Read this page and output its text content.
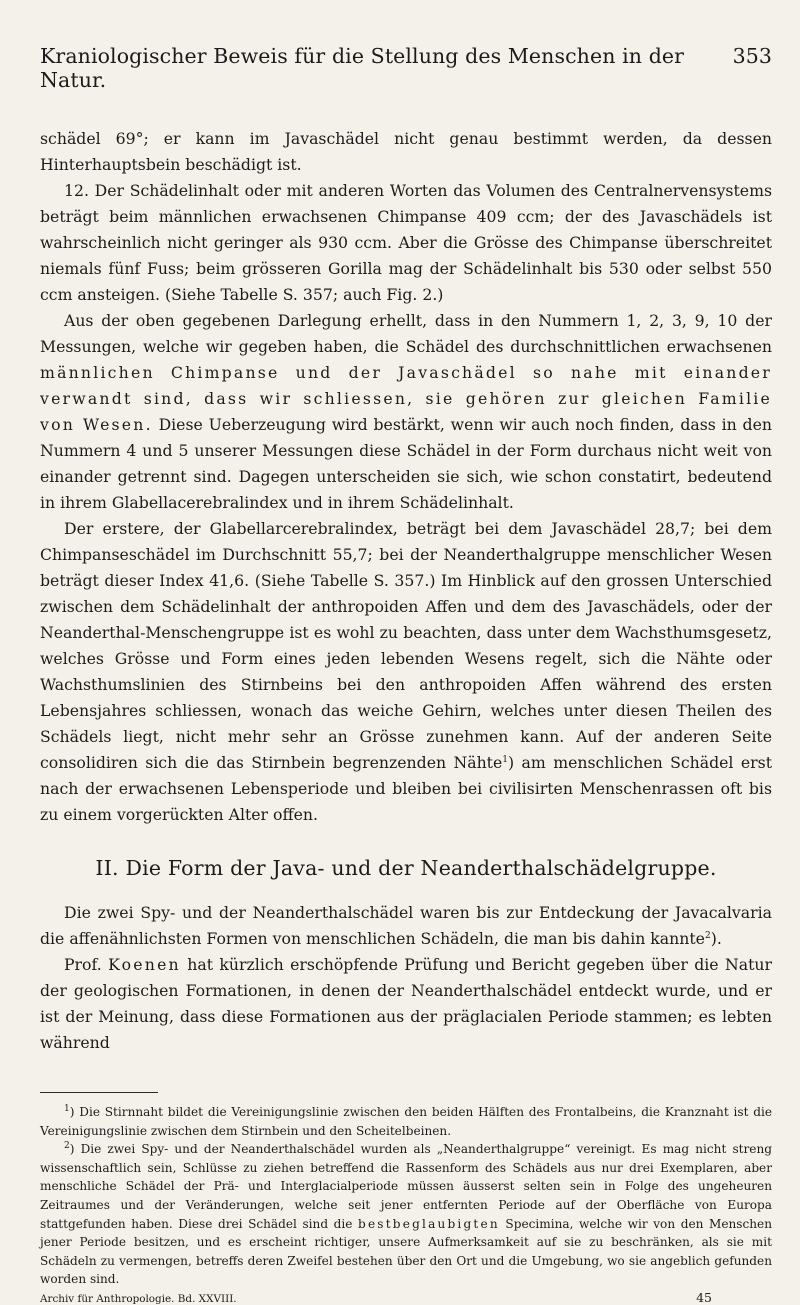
Kraniologischer Beweis für die Stellung des Menschen in der Natur.
353

schädel 69°; er kann im Javaschädel nicht genau bestimmt werden, da dessen Hinterhauptsbein beschädigt ist.

12. Der Schädelinhalt oder mit anderen Worten das Volumen des Centralnervensystems beträgt beim männlichen erwachsenen Chimpanse 409 ccm; der des Javaschädels ist wahrscheinlich nicht geringer als 930 ccm. Aber die Grösse des Chimpanse überschreitet niemals fünf Fuss; beim grösseren Gorilla mag der Schädelinhalt bis 530 oder selbst 550 ccm ansteigen. (Siehe Tabelle S. 357; auch Fig. 2.)

Aus der oben gegebenen Darlegung erhellt, dass in den Nummern 1, 2, 3, 9, 10 der Messungen, welche wir gegeben haben, die Schädel des durchschnittlichen erwachsenen männlichen Chimpanse und der Javaschädel so nahe mit einander verwandt sind, dass wir schliessen, sie gehören zur gleichen Familie von Wesen. Diese Ueberzeugung wird bestärkt, wenn wir auch noch finden, dass in den Nummern 4 und 5 unserer Messungen diese Schädel in der Form durchaus nicht weit von einander getrennt sind. Dagegen unterscheiden sie sich, wie schon constatirt, bedeutend in ihrem Glabellacerebralindex und in ihrem Schädelinhalt.

Der erstere, der Glabellarcerebralindex, beträgt bei dem Javaschädel 28,7; bei dem Chimpanseschädel im Durchschnitt 55,7; bei der Neanderthalgruppe menschlicher Wesen beträgt dieser Index 41,6. (Siehe Tabelle S. 357.) Im Hinblick auf den grossen Unterschied zwischen dem Schädelinhalt der anthropoiden Affen und dem des Javaschädels, oder der Neanderthal-Menschengruppe ist es wohl zu beachten, dass unter dem Wachsthumsgesetz, welches Grösse und Form eines jeden lebenden Wesens regelt, sich die Nähte oder Wachsthumslinien des Stirnbeins bei den anthropoiden Affen während des ersten Lebensjahres schliessen, wonach das weiche Gehirn, welches unter diesen Theilen des Schädels liegt, nicht mehr sehr an Grösse zunehmen kann. Auf der anderen Seite consolidiren sich die das Stirnbein begrenzenden Nähte$^1$) am menschlichen Schädel erst nach der erwachsenen Lebensperiode und bleiben bei civilisirten Menschenrassen oft bis zu einem vorgerückten Alter offen.

II. Die Form der Java- und der Neanderthalschädelgruppe.

Die zwei Spy- und der Neanderthalschädel waren bis zur Entdeckung der Javacalvaria die affenähnlichsten Formen von menschlichen Schädeln, die man bis dahin kannte$^2$).

Prof. Koenen hat kürzlich erschöpfende Prüfung und Bericht gegeben über die Natur der geologischen Formationen, in denen der Neanderthalschädel entdeckt wurde, und er ist der Meinung, dass diese Formationen aus der präglacialen Periode stammen; es lebten während

$^1$) Die Stirnnaht bildet die Vereinigungslinie zwischen den beiden Hälften des Frontalbeins, die Kranznaht ist die Vereinigungslinie zwischen dem Stirnbein und den Scheitelbeinen.

$^2$) Die zwei Spy- und der Neanderthalschädel wurden als „Neanderthalgruppe“ vereinigt. Es mag nicht streng wissenschaftlich sein, Schlüsse zu ziehen betreffend die Rassenform des Schädels aus nur drei Exemplaren, aber menschliche Schädel der Prä- und Interglacialperiode müssen äusserst selten sein in Folge des ungeheuren Zeitraumes und der Veränderungen, welche seit jener entfernten Periode auf der Oberfläche von Europa stattgefunden haben. Diese drei Schädel sind die bestbeglaubigten Specimina, welche wir von den Menschen jener Periode besitzen, und es erscheint richtiger, unsere Aufmerksamkeit auf sie zu beschränken, als sie mit Schädeln zu vermengen, betreffs deren Zweifel bestehen über den Ort und die Umgebung, wo sie angeblich gefunden worden sind.

Archiv für Anthropologie. Bd. XXVIII.	45
